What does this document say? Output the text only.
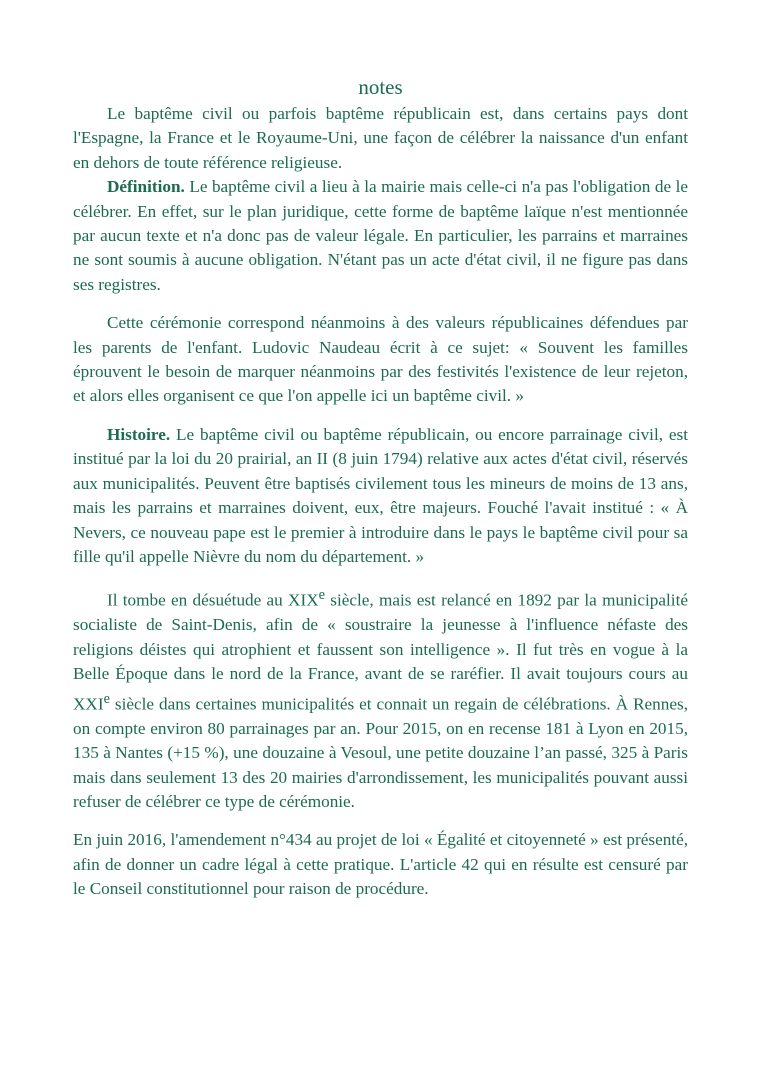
notes

Le baptême civil ou parfois baptême républicain est, dans certains pays dont l'Espagne, la France et le Royaume-Uni, une façon de célébrer la naissance d'un enfant en dehors de toute référence religieuse.

Définition. Le baptême civil a lieu à la mairie mais celle-ci n'a pas l'obligation de le célébrer. En effet, sur le plan juridique, cette forme de baptême laïque n'est mentionnée par aucun texte et n'a donc pas de valeur légale. En particulier, les parrains et marraines ne sont soumis à aucune obligation. N'étant pas un acte d'état civil, il ne figure pas dans ses registres.

Cette cérémonie correspond néanmoins à des valeurs républicaines défendues par les parents de l'enfant. Ludovic Naudeau écrit à ce sujet: « Souvent les familles éprouvent le besoin de marquer néanmoins par des festivités l'existence de leur rejeton, et alors elles organisent ce que l'on appelle ici un baptême civil. »

Histoire. Le baptême civil ou baptême républicain, ou encore parrainage civil, est institué par la loi du 20 prairial, an II (8 juin 1794) relative aux actes d'état civil, réservés aux municipalités. Peuvent être baptisés civilement tous les mineurs de moins de 13 ans, mais les parrains et marraines doivent, eux, être majeurs. Fouché l'avait institué : « À Nevers, ce nouveau pape est le premier à introduire dans le pays le baptême civil pour sa fille qu'il appelle Nièvre du nom du département. »

Il tombe en désuétude au XIXe siècle, mais est relancé en 1892 par la municipalité socialiste de Saint-Denis, afin de « soustraire la jeunesse à l'influence néfaste des religions déistes qui atrophient et faussent son intelligence ». Il fut très en vogue à la Belle Époque dans le nord de la France, avant de se raréfier. Il avait toujours cours au XXIe siècle dans certaines municipalités et connait un regain de célébrations. À Rennes, on compte environ 80 parrainages par an. Pour 2015, on en recense 181 à Lyon en 2015, 135 à Nantes (+15 %), une douzaine à Vesoul, une petite douzaine l’an passé, 325 à Paris mais dans seulement 13 des 20 mairies d'arrondissement, les municipalités pouvant aussi refuser de célébrer ce type de cérémonie.

En juin 2016, l'amendement n°434 au projet de loi « Égalité et citoyenneté » est présenté, afin de donner un cadre légal à cette pratique. L'article 42 qui en résulte est censuré par le Conseil constitutionnel pour raison de procédure.
